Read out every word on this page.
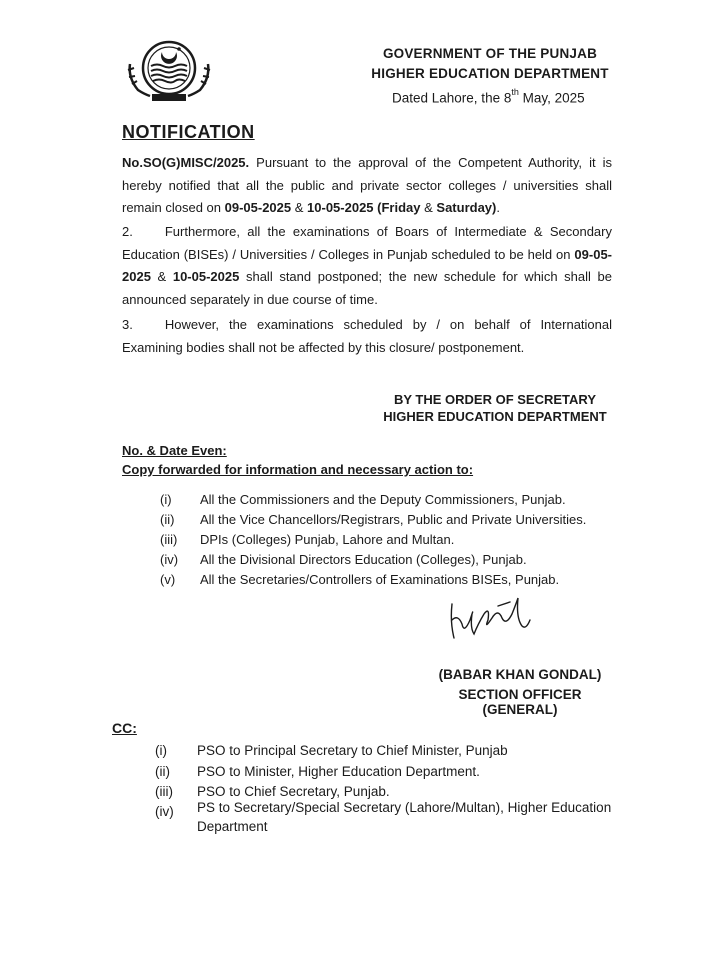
GOVERNMENT OF THE PUNJAB
HIGHER EDUCATION DEPARTMENT
Dated Lahore, the 8th May, 2025
NOTIFICATION
No.SO(G)MISC/2025. Pursuant to the approval of the Competent Authority, it is hereby notified that all the public and private sector colleges / universities shall remain closed on 09-05-2025 & 10-05-2025 (Friday & Saturday).
2. Furthermore, all the examinations of Boars of Intermediate & Secondary Education (BISEs) / Universities / Colleges in Punjab scheduled to be held on 09-05-2025 & 10-05-2025 shall stand postponed; the new schedule for which shall be announced separately in due course of time.
3. However, the examinations scheduled by / on behalf of International Examining bodies shall not be affected by this closure/ postponement.
BY THE ORDER OF SECRETARY
HIGHER EDUCATION DEPARTMENT
No. & Date Even:
Copy forwarded for information and necessary action to:
(i)	All the Commissioners and the Deputy Commissioners, Punjab.
(ii)	All the Vice Chancellors/Registrars, Public and Private Universities.
(iii)	DPIs (Colleges) Punjab, Lahore and Multan.
(iv)	All the Divisional Directors Education (Colleges), Punjab.
(v)	All the Secretaries/Controllers of Examinations BISEs, Punjab.
(BABAR KHAN GONDAL)
SECTION OFFICER (GENERAL)
CC:
(i)	PSO to Principal Secretary to Chief Minister, Punjab
(ii)	PSO to Minister, Higher Education Department.
(iii)	PSO to Chief Secretary, Punjab.
(iv)	PS to Secretary/Special Secretary (Lahore/Multan), Higher Education Department
